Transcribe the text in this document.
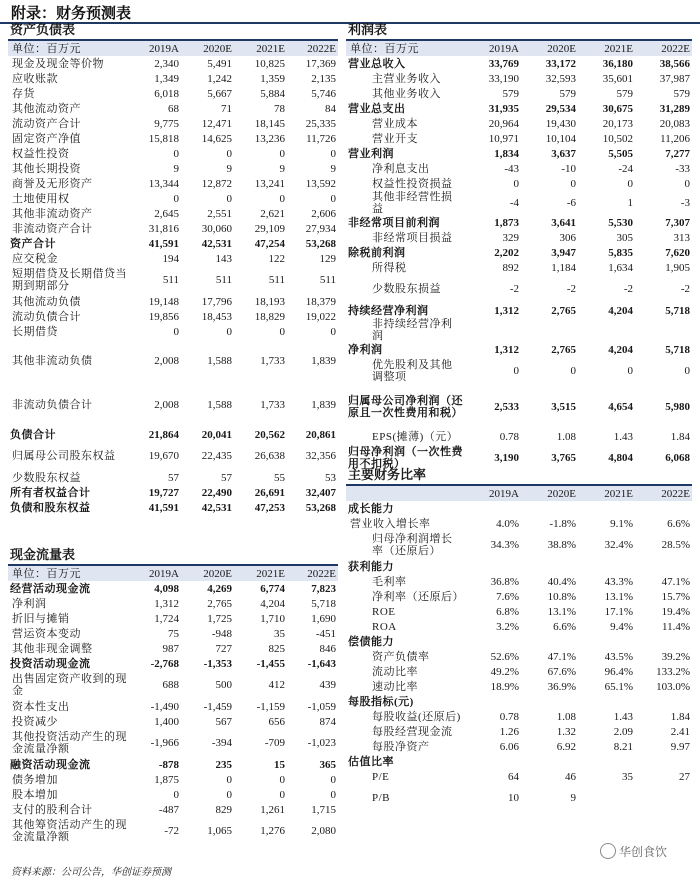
附录：财务预测表
资产负债表
单位：百万元	2019A	2020E	2021E	2022E
现金及现金等价物	2,340	5,491	10,825	17,369
应收账款	1,349	1,242	1,359	2,135
存货	6,018	5,667	5,884	5,746
其他流动资产	68	71	78	84
流动资产合计	9,775	12,471	18,145	25,335
固定资产净值	15,818	14,625	13,236	11,726
权益性投资	0	0	0	0
其他长期投资	9	9	9	9
商誉及无形资产	13,344	12,872	13,241	13,592
土地使用权	0	0	0	0
其他非流动资产	2,645	2,551	2,621	2,606
非流动资产合计	31,816	30,060	29,109	27,934
资产合计	41,591	42,531	47,254	53,268
应交税金	194	143	122	129
短期借贷及长期借贷当期到期部分	511	511	511	511
其他流动负债	19,148	17,796	18,193	18,379
流动负债合计	19,856	18,453	18,829	19,022
长期借贷	0	0	0	0
其他非流动负债	2,008	1,588	1,733	1,839
非流动负债合计	2,008	1,588	1,733	1,839
负债合计	21,864	20,041	20,562	20,861
归属母公司股东权益	19,670	22,435	26,638	32,356
少数股东权益	57	57	55	53
所有者权益合计	19,727	22,490	26,691	32,407
负债和股东权益	41,591	42,531	47,253	53,268
现金流量表
单位：百万元	2019A	2020E	2021E	2022E
经营活动现金流	4,098	4,269	6,774	7,823
净利润	1,312	2,765	4,204	5,718
折旧与摊销	1,724	1,725	1,710	1,690
营运资本变动	75	-948	35	-451
其他非现金调整	987	727	825	846
投资活动现金流	-2,768	-1,353	-1,455	-1,643
出售固定资产收到的现金	688	500	412	439
资本性支出	-1,490	-1,459	-1,159	-1,059
投资减少	1,400	567	656	874
其他投资活动产生的现金流量净额	-1,966	-394	-709	-1,023
融资活动现金流	-878	235	15	365
债务增加	1,875	0	0	0
股本增加	0	0	0	0
支付的股利合计	-487	829	1,261	1,715
其他筹资活动产生的现金流量净额	-72	1,065	1,276	2,080
利润表
单位：百万元	2019A	2020E	2021E	2022E
营业总收入	33,769	33,172	36,180	38,566
主营业务收入	33,190	32,593	35,601	37,987
其他业务收入	579	579	579	579
营业总支出	31,935	29,534	30,675	31,289
营业成本	20,964	19,430	20,173	20,083
营业开支	10,971	10,104	10,502	11,206
营业利润	1,834	3,637	5,505	7,277
净利息支出	-43	-10	-24	-33
权益性投资损益	0	0	0	0
其他非经营性损益	-4	-6	1	-3
非经常项目前利润	1,873	3,641	5,530	7,307
非经常项目损益	329	306	305	313
除税前利润	2,202	3,947	5,835	7,620
所得税	892	1,184	1,634	1,905
少数股东损益	-2	-2	-2	-2
持续经营净利润	1,312	2,765	4,204	5,718
非持续经营净利润				
净利润	1,312	2,765	4,204	5,718
优先股利及其他调整项	0	0	0	0
归属母公司净利润（还原且一次性费用和税）	2,533	3,515	4,654	5,980
EPS(摊薄)（元）	0.78	1.08	1.43	1.84
归母净利润（一次性费用不扣税）	3,190	3,765	4,804	6,068
主要财务比率
	2019A	2020E	2021E	2022E
成长能力				
营业收入增长率	4.0%	-1.8%	9.1%	6.6%
归母净利润增长率（还原后）	34.3%	38.8%	32.4%	28.5%
获利能力				
毛利率	36.8%	40.4%	43.3%	47.1%
净利率（还原后）	7.6%	10.8%	13.1%	15.7%
ROE	6.8%	13.1%	17.1%	19.4%
ROA	3.2%	6.6%	9.4%	11.4%
偿债能力				
资产负债率	52.6%	47.1%	43.5%	39.2%
流动比率	49.2%	67.6%	96.4%	133.2%
速动比率	18.9%	36.9%	65.1%	103.0%
每股指标(元)				
每股收益(还原后)	0.78	1.08	1.43	1.84
每股经营现金流	1.26	1.32	2.09	2.41
每股净资产	6.06	6.92	8.21	9.97
估值比率				
P/E	64	46	35	27
P/B	10	9		
华创食饮
资料来源：公司公告，华创证券预测
